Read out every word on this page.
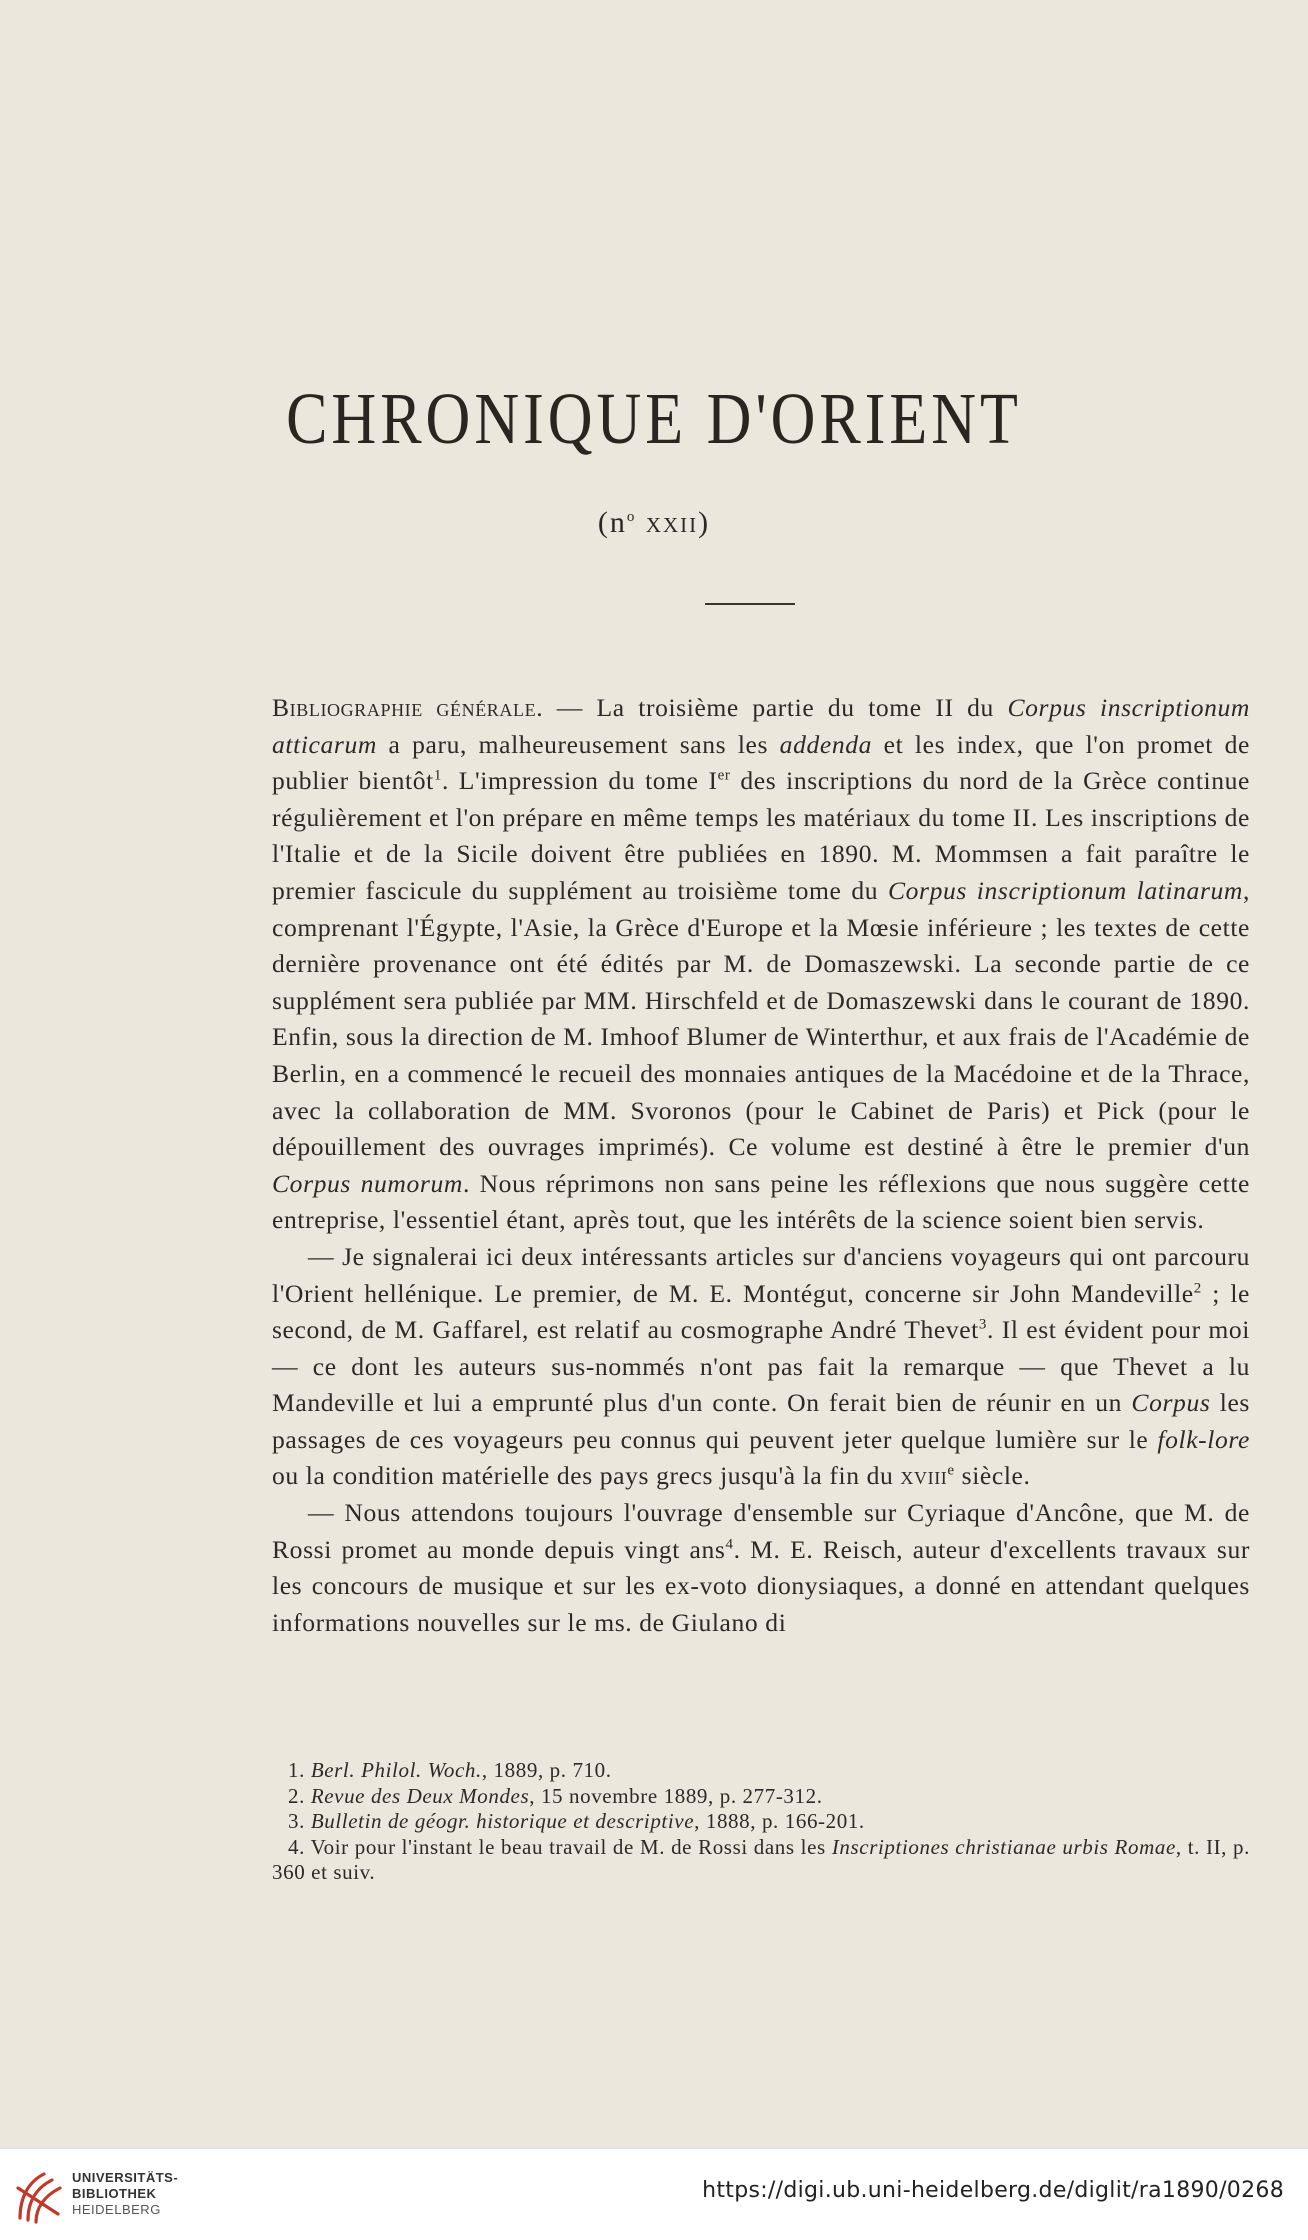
CHRONIQUE D'ORIENT
($n^o$ xxii)

Bibliographie générale. — La troisième partie du tome II du Corpus inscriptionum atticarum a paru, malheureusement sans les addenda et les index, que l'on promet de publier bientôt$^1$. L'impression du tome Ier des inscriptions du nord de la Grèce continue régulièrement et l'on prépare en même temps les matériaux du tome II. Les inscriptions de l'Italie et de la Sicile doivent être publiées en 1890. M. Mommsen a fait paraître le premier fascicule du supplément au troisième tome du Corpus inscriptionum latinarum, comprenant l'Égypte, l'Asie, la Grèce d'Europe et la Mœsie inférieure ; les textes de cette dernière provenance ont été édités par M. de Domaszewski. La seconde partie de ce supplément sera publiée par MM. Hirschfeld et de Domaszewski dans le courant de 1890. Enfin, sous la direction de M. Imhoof Blumer de Winterthur, et aux frais de l'Académie de Berlin, en a commencé le recueil des monnaies antiques de la Macédoine et de la Thrace, avec la collaboration de MM. Svoronos (pour le Cabinet de Paris) et Pick (pour le dépouillement des ouvrages imprimés). Ce volume est destiné à être le premier d'un Corpus numorum. Nous réprimons non sans peine les réflexions que nous suggère cette entreprise, l'essentiel étant, après tout, que les intérêts de la science soient bien servis.

— Je signalerai ici deux intéressants articles sur d'anciens voyageurs qui ont parcouru l'Orient hellénique. Le premier, de M. E. Montégut, concerne sir John Mandeville$^2$ ; le second, de M. Gaffarel, est relatif au cosmographe André Thevet$^3$. Il est évident pour moi — ce dont les auteurs sus-nommés n'ont pas fait la remarque — que Thevet a lu Mandeville et lui a emprunté plus d'un conte. On ferait bien de réunir en un Corpus les passages de ces voyageurs peu connus qui peuvent jeter quelque lumière sur le folk-lore ou la condition matérielle des pays grecs jusqu'à la fin du xviii$^e$ siècle.

— Nous attendons toujours l'ouvrage d'ensemble sur Cyriaque d'Ancône, que M. de Rossi promet au monde depuis vingt ans$^4$. M. E. Reisch, auteur d'excellents travaux sur les concours de musique et sur les ex-voto dionysiaques, a donné en attendant quelques informations nouvelles sur le ms. de Giulano di

1. Berl. Philol. Woch., 1889, p. 710.

2. Revue des Deux Mondes, 15 novembre 1889, p. 277-312.

3. Bulletin de géogr. historique et descriptive, 1888, p. 166-201.

4. Voir pour l'instant le beau travail de M. de Rossi dans les Inscriptiones christianae urbis Romae, t. II, p. 360 et suiv.

UNIVERSITÄTS-
BIBLIOTHEK
HEIDELBERG
https://digi.ub.uni-heidelberg.de/diglit/ra1890/0268
